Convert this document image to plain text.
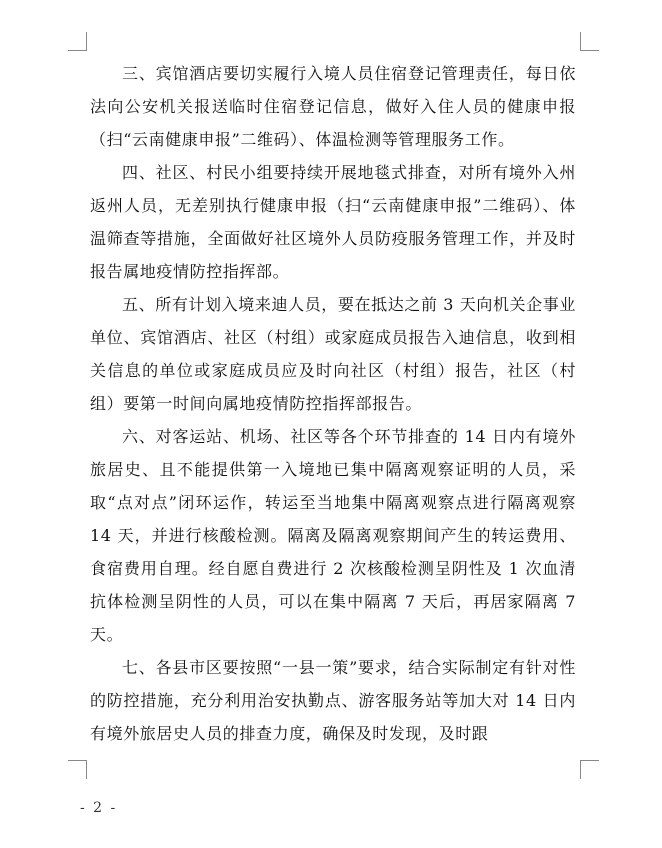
三、宾馆酒店要切实履行入境人员住宿登记管理责任，每日依法向公安机关报送临时住宿登记信息，做好入住人员的健康申报（扫“云南健康申报”二维码）、体温检测等管理服务工作。

四、社区、村民小组要持续开展地毯式排查，对所有境外入州返州人员，无差别执行健康申报（扫“云南健康申报”二维码）、体温筛查等措施，全面做好社区境外人员防疫服务管理工作，并及时报告属地疫情防控指挥部。

五、所有计划入境来迪人员，要在抵达之前 3 天向机关企事业单位、宾馆酒店、社区（村组）或家庭成员报告入迪信息，收到相关信息的单位或家庭成员应及时向社区（村组）报告，社区（村组）要第一时间向属地疫情防控指挥部报告。

六、对客运站、机场、社区等各个环节排查的 14 日内有境外旅居史、且不能提供第一入境地已集中隔离观察证明的人员，采取“点对点”闭环运作，转运至当地集中隔离观察点进行隔离观察 14 天，并进行核酸检测。隔离及隔离观察期间产生的转运费用、食宿费用自理。经自愿自费进行 2 次核酸检测呈阴性及 1 次血清抗体检测呈阴性的人员，可以在集中隔离 7 天后，再居家隔离 7 天。

七、各县市区要按照“一县一策”要求，结合实际制定有针对性的防控措施，充分利用治安执勤点、游客服务站等加大对 14 日内有境外旅居史人员的排查力度，确保及时发现，及时跟

- 2 -
